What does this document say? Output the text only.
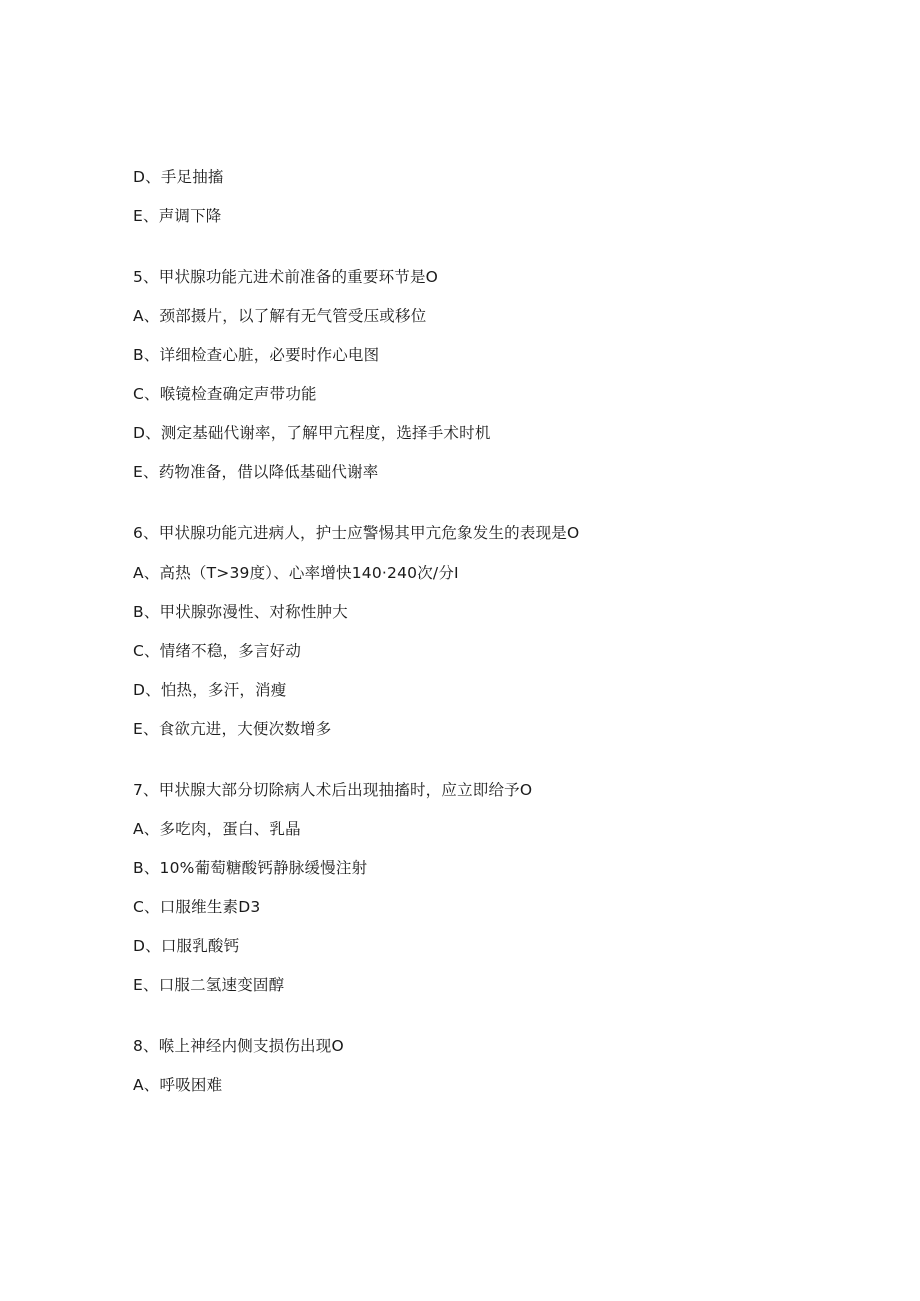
D、手足抽搐
E、声调下降
5、甲状腺功能亢进术前准备的重要环节是O
A、颈部摄片，以了解有无气管受压或移位
B、详细检查心脏，必要时作心电图
C、喉镜检查确定声带功能
D、测定基础代谢率，了解甲亢程度，选择手术时机
E、药物准备，借以降低基础代谢率
6、甲状腺功能亢进病人，护士应警惕其甲亢危象发生的表现是O
A、高热（T>39度）、心率增快140·240次/分I
B、甲状腺弥漫性、对称性肿大
C、情绪不稳，多言好动
D、怕热，多汗，消瘦
E、食欲亢进，大便次数增多
7、甲状腺大部分切除病人术后出现抽搐时，应立即给予O
A、多吃肉，蛋白、乳晶
B、10%葡萄糖酸钙静脉缓慢注射
C、口服维生素D3
D、口服乳酸钙
E、口服二氢速变固醇
8、喉上神经内侧支损伤出现O
A、呼吸困难
